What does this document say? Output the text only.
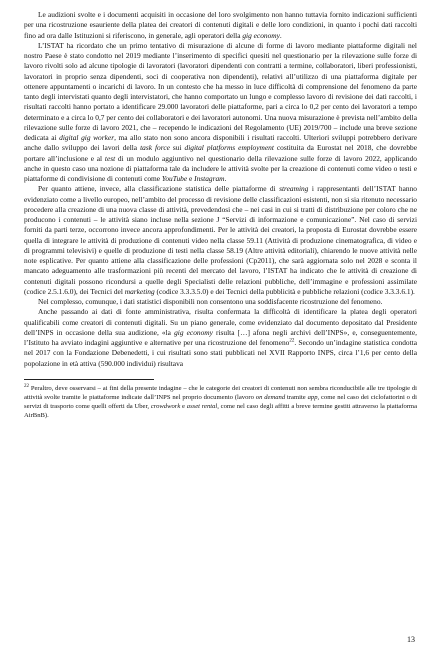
Le audizioni svolte e i documenti acquisiti in occasione del loro svolgimento non hanno tuttavia fornito indicazioni sufficienti per una ricostruzione esauriente della platea dei creatori di contenuti digitali e delle loro condizioni, in quanto i pochi dati raccolti fino ad ora dalle Istituzioni si riferiscono, in generale, agli operatori della gig economy.

L’ISTAT ha ricordato che un primo tentativo di misurazione di alcune di forme di lavoro mediante piattaforme digitali nel nostro Paese è stato condotto nel 2019 mediante l’inserimento di specifici quesiti nel questionario per la rilevazione sulle forze di lavoro rivolti solo ad alcune tipologie di lavoratori (lavoratori dipendenti con contratti a termine, collaboratori, liberi professionisti, lavoratori in proprio senza dipendenti, soci di cooperativa non dipendenti), relativi all’utilizzo di una piattaforma digitale per ottenere appuntamenti o incarichi di lavoro. In un contesto che ha messo in luce difficoltà di comprensione del fenomeno da parte tanto degli intervistati quanto degli intervistatori, che hanno comportato un lungo e complesso lavoro di revisione dei dati raccolti, i risultati raccolti hanno portato a identificare 29.000 lavoratori delle piattaforme, pari a circa lo 0,2 per cento dei lavoratori a tempo determinato e a circa lo 0,7 per cento dei collaboratori e dei lavoratori autonomi. Una nuova misurazione è prevista nell’ambito della rilevazione sulle forze di lavoro 2021, che – recependo le indicazioni del Regolamento (UE) 2019/700 – include una breve sezione dedicata ai digital gig worker, ma allo stato non sono ancora disponibili i risultati raccolti. Ulteriori sviluppi potrebbero derivare anche dallo sviluppo dei lavori della task force sui digital platforms employment costituita da Eurostat nel 2018, che dovrebbe portare all’inclusione e al test di un modulo aggiuntivo nel questionario della rilevazione sulle forze di lavoro 2022, applicando anche in questo caso una nozione di piattaforma tale da includere le attività svolte per la creazione di contenuti come video o testi e piattaforme di condivisione di contenuti come YouTube e Instagram.

Per quanto attiene, invece, alla classificazione statistica delle piattaforme di streaming i rappresentanti dell’ISTAT hanno evidenziato come a livello europeo, nell’ambito del processo di revisione delle classificazioni esistenti, non si sia ritenuto necessario procedere alla creazione di una nuova classe di attività, prevedendosi che – nei casi in cui si tratti di distribuzione per coloro che ne producono i contenuti – le attività siano incluse nella sezione J “Servizi di informazione e comunicazione”. Nel caso di servizi forniti da parti terze, occorrono invece ancora approfondimenti. Per le attività dei creatori, la proposta di Eurostat dovrebbe essere quella di integrare le attività di produzione di contenuti video nella classe 59.11 (Attività di produzione cinematografica, di video e di programmi televisivi) e quelle di produzione di testi nella classe 58.19 (Altre attività editoriali), chiarendo le nuove attività nelle note esplicative. Per quanto attiene alla classificazione delle professioni (Cp2011), che sarà aggiornata solo nel 2028 e sconta il mancato adeguamento alle trasformazioni più recenti del mercato del lavoro, l’ISTAT ha indicato che le attività di creazione di contenuti digitali possono ricondursi a quelle degli Specialisti delle relazioni pubbliche, dell’immagine e professioni assimilate (codice 2.5.1.6.0), dei Tecnici del marketing (codice 3.3.3.5.0) e dei Tecnici della pubblicità e pubbliche relazioni (codice 3.3.3.6.1).

Nel complesso, comunque, i dati statistici disponibili non consentono una soddisfacente ricostruzione del fenomeno.

Anche passando ai dati di fonte amministrativa, risulta confermata la difficoltà di identificare la platea degli operatori qualificabili come creatori di contenuti digitali. Su un piano generale, come evidenziato dal documento depositato dal Presidente dell’INPS in occasione della sua audizione, «la gig economy risulta […] afona negli archivi dell’INPS», e, conseguentemente, l’Istituto ha avviato indagini aggiuntive e alternative per una ricostruzione del fenomeno$^{22}$. Secondo un’indagine statistica condotta nel 2017 con la Fondazione Debenedetti, i cui risultati sono stati pubblicati nel XVII Rapporto INPS, circa l’1,6 per cento della popolazione in età attiva (590.000 individui) risultava

$^{22}$ Peraltro, deve osservarsi – ai fini della presente indagine – che le categorie dei creatori di contenuti non sembra riconducibile alle tre tipologie di attività svolte tramite le piattaforme indicate dall’INPS nel proprio documento (lavoro on demand tramite app, come nel caso dei ciclofattorini o di servizi di trasporto come quelli offerti da Uber, crowdwork e asset rental, come nel caso degli affitti a breve termine gestiti attraverso la piattaforma AirBnB).

13
